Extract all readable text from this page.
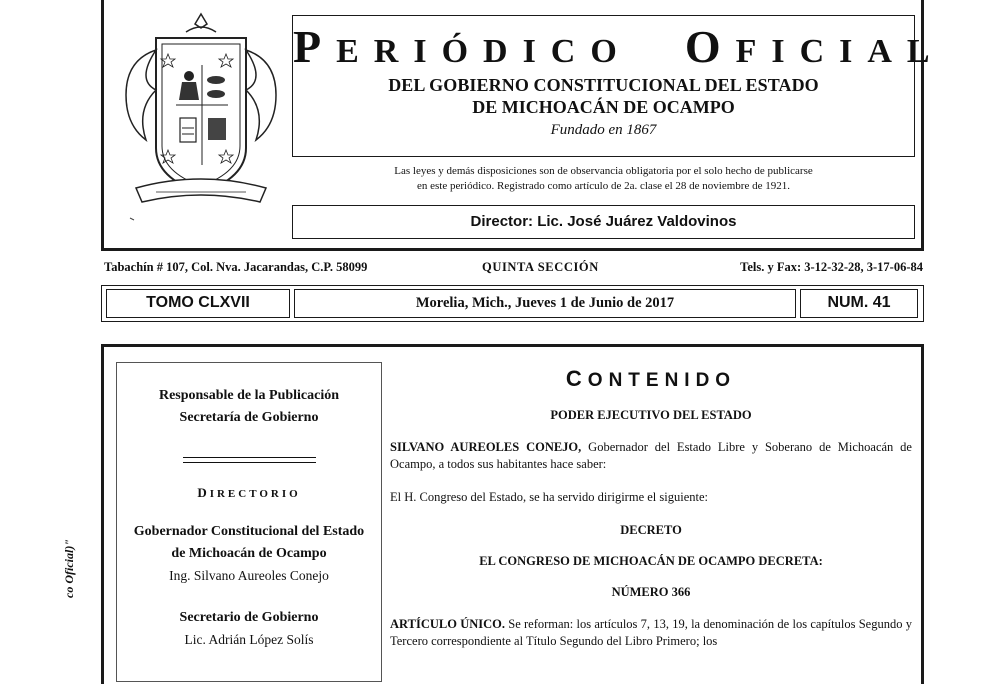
PERIÓDICO OFICIAL
DEL GOBIERNO CONSTITUCIONAL DEL ESTADO
DE MICHOACÁN DE OCAMPO
Fundado en 1867
Las leyes y demás disposiciones son de observancia obligatoria por el solo hecho de publicarse
en este periódico. Registrado como artículo de 2a. clase el 28 de noviembre de 1921.
Director: Lic. José Juárez Valdovinos
Tabachín # 107, Col. Nva. Jacarandas, C.P. 58099	QUINTA SECCIÓN	Tels. y Fax: 3-12-32-28, 3-17-06-84
TOMO CLXVII	Morelia, Mich., Jueves 1 de Junio de 2017	NUM. 41
co Oficial)"
Responsable de la Publicación
Secretaría de Gobierno
DIRECTORIO
Gobernador Constitucional del Estado
de Michoacán de Ocampo
Ing. Silvano Aureoles Conejo
Secretario de Gobierno
Lic. Adrián López Solís
CONTENIDO
PODER EJECUTIVO DEL ESTADO
SILVANO AUREOLES CONEJO, Gobernador del Estado Libre y Soberano de Michoacán de Ocampo, a todos sus habitantes hace saber:
El H. Congreso del Estado, se ha servido dirigirme el siguiente:
DECRETO
EL CONGRESO DE MICHOACÁN DE OCAMPO DECRETA:
NÚMERO 366
ARTÍCULO ÚNICO. Se reforman: los artículos 7, 13, 19, la denominación de los capítulos Segundo y Tercero correspondiente al Título Segundo del Libro Primero; los
